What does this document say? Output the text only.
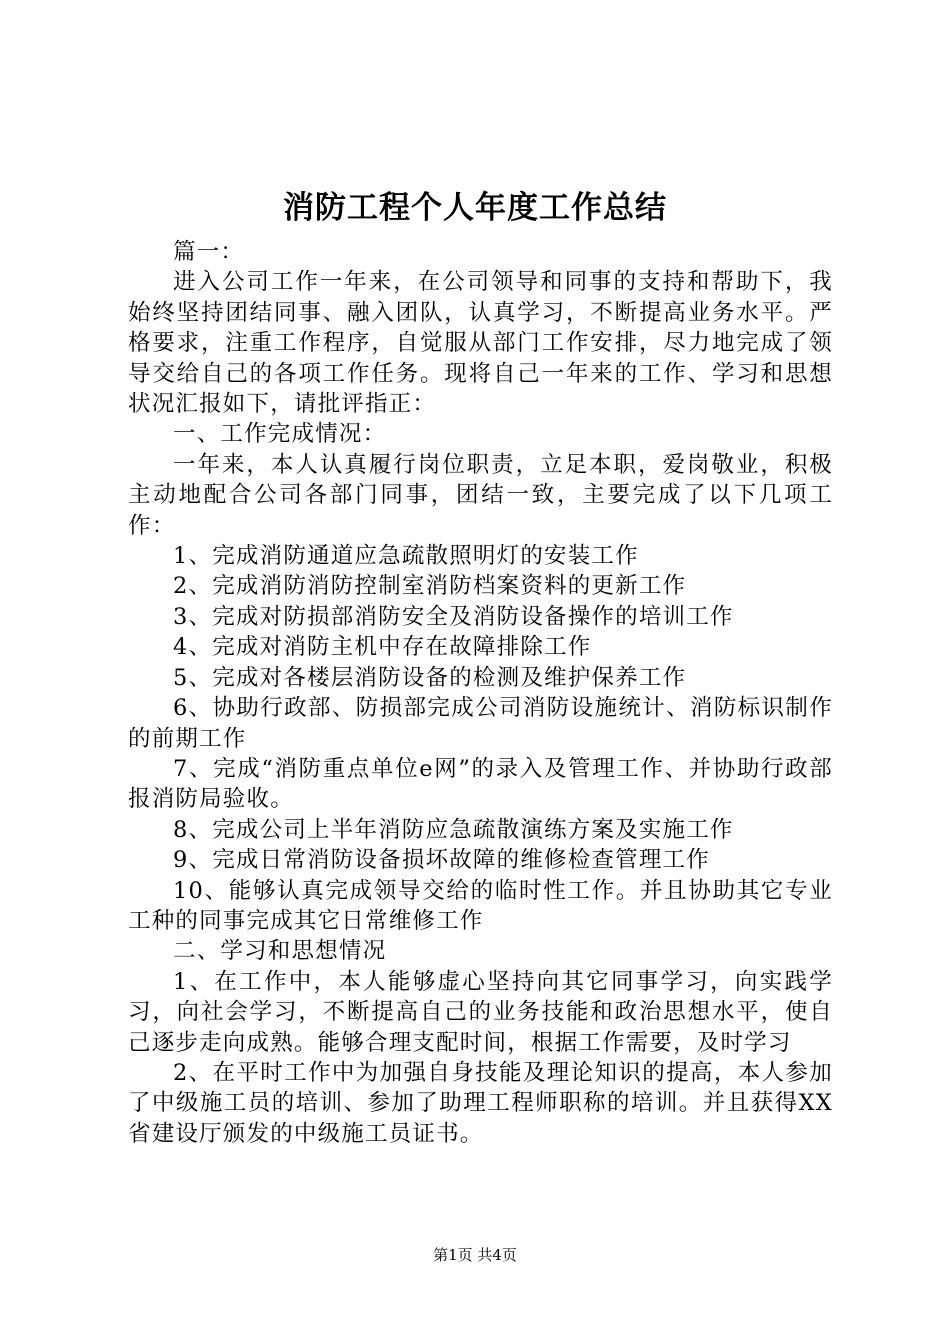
消防工程个人年度工作总结

篇一：

进入公司工作一年来，在公司领导和同事的支持和帮助下，我始终坚持团结同事、融入团队，认真学习，不断提高业务水平。严格要求，注重工作程序，自觉服从部门工作安排，尽力地完成了领导交给自己的各项工作任务。现将自己一年来的工作、学习和思想状况汇报如下，请批评指正：

一、工作完成情况：

一年来，本人认真履行岗位职责，立足本职，爱岗敬业，积极主动地配合公司各部门同事，团结一致，主要完成了以下几项工作：

1、完成消防通道应急疏散照明灯的安装工作

2、完成消防消防控制室消防档案资料的更新工作

3、完成对防损部消防安全及消防设备操作的培训工作

4、完成对消防主机中存在故障排除工作

5、完成对各楼层消防设备的检测及维护保养工作

6、协助行政部、防损部完成公司消防设施统计、消防标识制作的前期工作

7、完成“消防重点单位e网”的录入及管理工作、并协助行政部报消防局验收。

8、完成公司上半年消防应急疏散演练方案及实施工作

9、完成日常消防设备损坏故障的维修检查管理工作

10、能够认真完成领导交给的临时性工作。并且协助其它专业工种的同事完成其它日常维修工作

二、学习和思想情况

1、在工作中，本人能够虚心坚持向其它同事学习，向实践学习，向社会学习，不断提高自己的业务技能和政治思想水平，使自己逐步走向成熟。能够合理支配时间，根据工作需要，及时学习

2、在平时工作中为加强自身技能及理论知识的提高，本人参加了中级施工员的培训、参加了助理工程师职称的培训。并且获得XX省建设厅颁发的中级施工员证书。

第1页 共4页
